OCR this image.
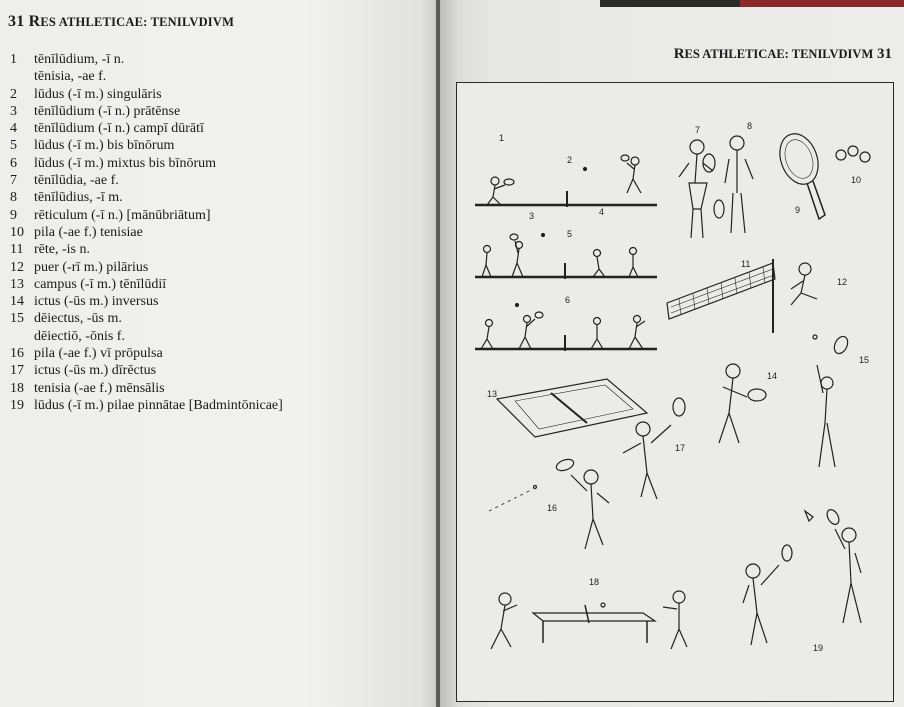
31 RES ATHLETICAE: TENILVDIVM
1 tēnīlūdium, -ī n.
tēnisia, -ae f.
2 lūdus (-ī m.) singulāris
3 tēnīlūdium (-ī n.) prātēnse
4 tēnīlūdium (-ī n.) campī dūrātī
5 lūdus (-ī m.) bis bīnōrum
6 lūdus (-ī m.) mixtus bis bīnōrum
7 tēnīlūdia, -ae f.
8 tēnīlūdius, -ī m.
9 rēticulum (-ī n.) [mānūbriātum]
10 pila (-ae f.) tenisiae
11 rēte, -is n.
12 puer (-rī m.) pilārius
13 campus (-ī m.) tēnīlūdiī
14 ictus (-ūs m.) inversus
15 dēiectus, -ūs m.
dēiectiō, -ōnis f.
16 pila (-ae f.) vī prōpulsa
17 ictus (-ūs m.) dīrēctus
18 tenisia (-ae f.) mēnsālis
19 lūdus (-ī m.) pilae pinnātae [Badmintōnicae]
RES ATHLETICAE: TENILVDIVM 31
1
2
3	4
5
6
7	8
9
10
11
12
13
14
15
16
17
18
19
